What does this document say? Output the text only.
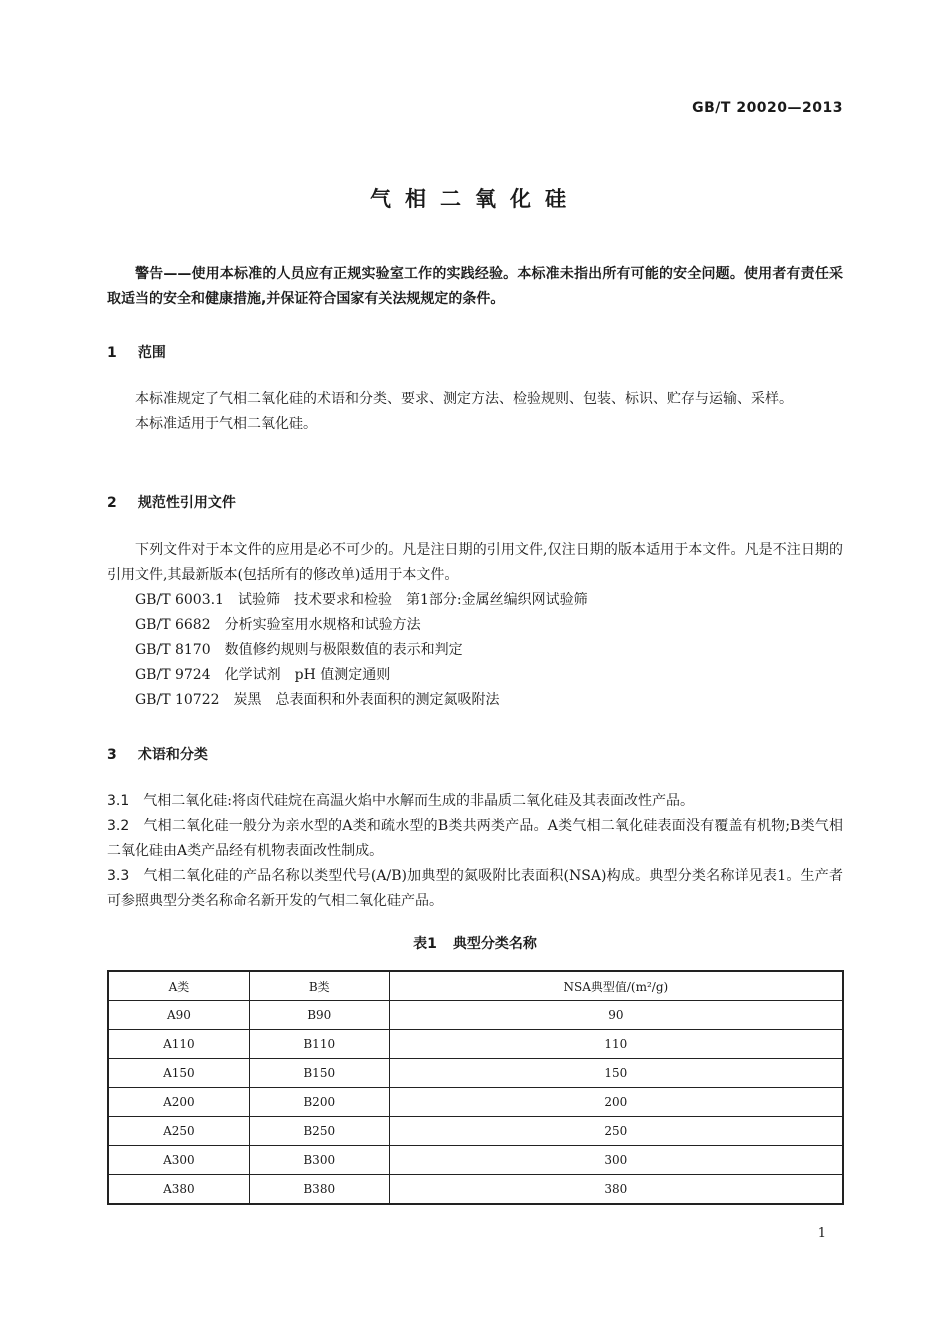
GB/T 20020—2013
气相二氧化硅
警告——使用本标准的人员应有正规实验室工作的实践经验。本标准未指出所有可能的安全问题。使用者有责任采取适当的安全和健康措施,并保证符合国家有关法规规定的条件。
1 范围

本标准规定了气相二氧化硅的术语和分类、要求、测定方法、检验规则、包装、标识、贮存与运输、采样。

本标准适用于气相二氧化硅。

2 规范性引用文件

下列文件对于本文件的应用是必不可少的。凡是注日期的引用文件,仅注日期的版本适用于本文件。凡是不注日期的引用文件,其最新版本(包括所有的修改单)适用于本文件。

GB/T 6003.1 试验筛　技术要求和检验　第1部分:金属丝编织网试验筛

GB/T 6682 分析实验室用水规格和试验方法

GB/T 8170 数值修约规则与极限数值的表示和判定

GB/T 9724 化学试剂　pH 值测定通则

GB/T 10722 炭黑　总表面积和外表面积的测定氮吸附法

3 术语和分类

3.1 气相二氧化硅:将卤代硅烷在高温火焰中水解而生成的非晶质二氧化硅及其表面改性产品。

3.2 气相二氧化硅一般分为亲水型的A类和疏水型的B类共两类产品。A类气相二氧化硅表面没有覆盖有机物;B类气相二氧化硅由A类产品经有机物表面改性制成。

3.3 气相二氧化硅的产品名称以类型代号(A/B)加典型的氮吸附比表面积(NSA)构成。典型分类名称详见表1。生产者可参照典型分类名称命名新开发的气相二氧化硅产品。

表1 典型分类名称
A类	B类	NSA典型值/(m²/g)
A90	B90	90
A110	B110	110
A150	B150	150
A200	B200	200
A250	B250	250
A300	B300	300
A380	B380	380
1
